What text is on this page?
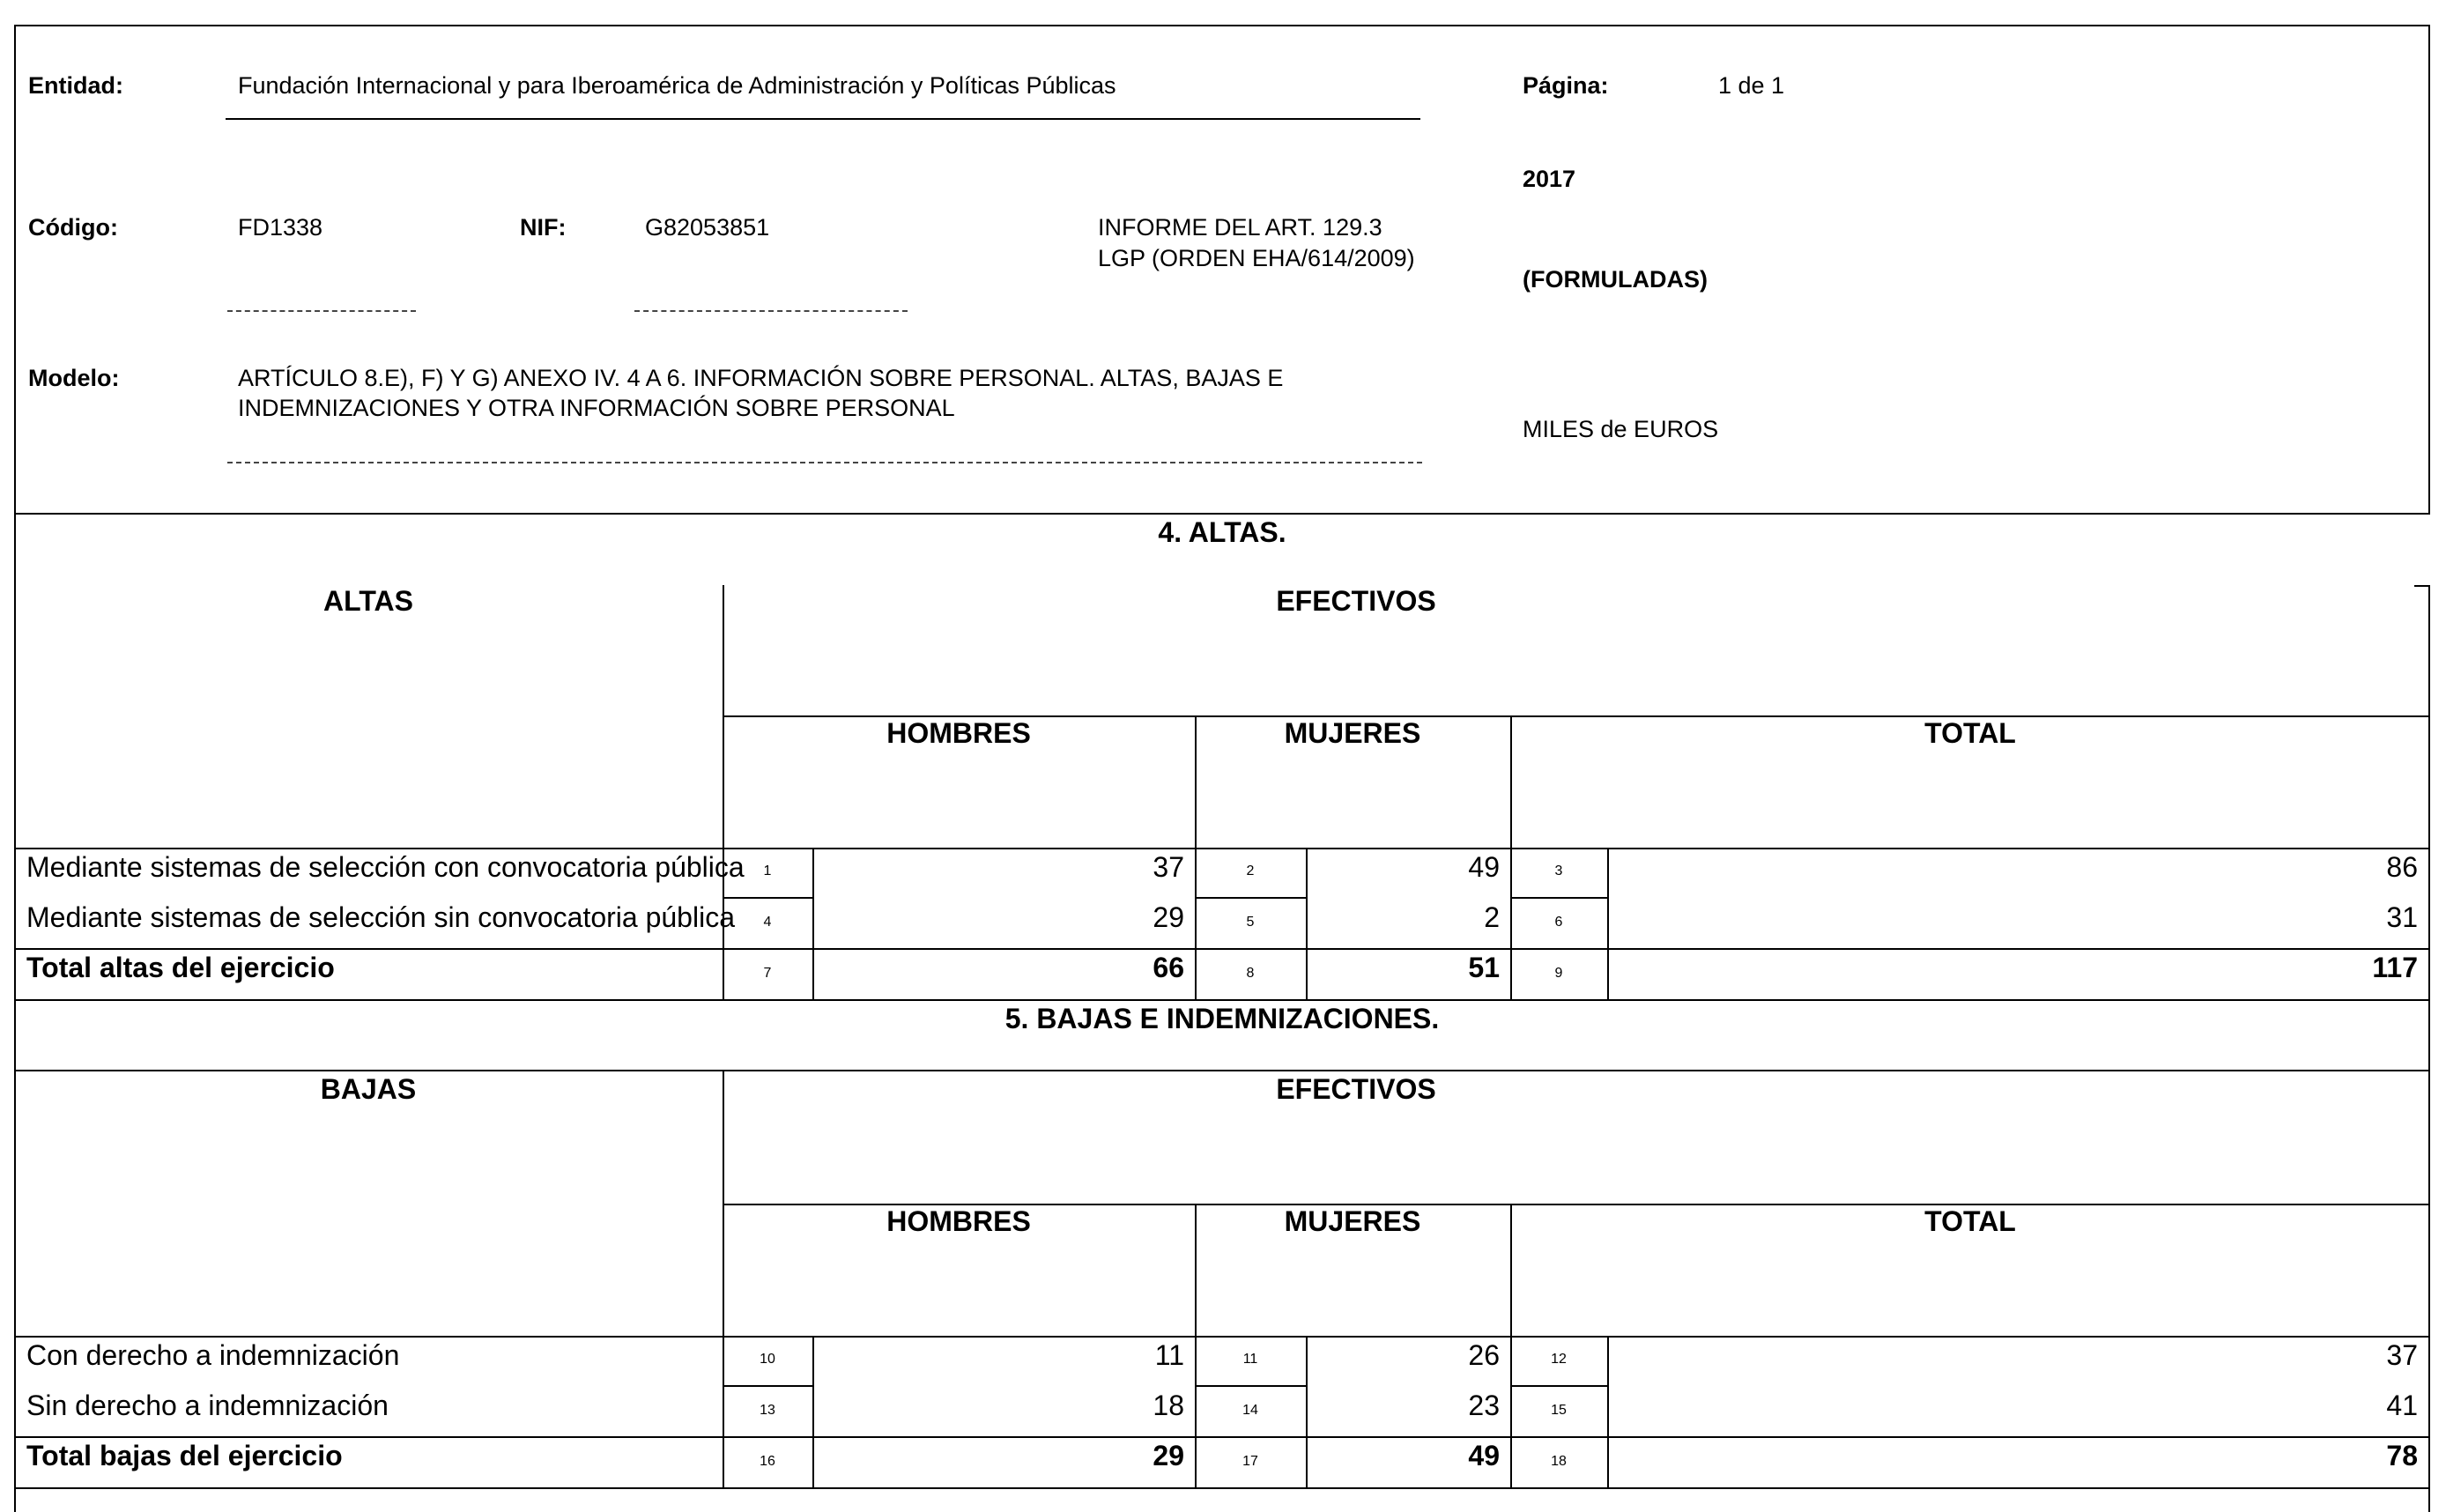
Entidad:	Fundación Internacional y para Iberoamérica de Administración y Políticas Públicas	Página:	1 de 1
2017
Código:	FD1338	NIF:	G82053851	INFORME DEL ART. 129.3
LGP (ORDEN EHA/614/2009)
(FORMULADAS)
Modelo:	ARTÍCULO 8.E), F) Y G) ANEXO IV. 4 A 6. INFORMACIÓN SOBRE PERSONAL. ALTAS, BAJAS E
INDEMNIZACIONES Y OTRA INFORMACIÓN SOBRE PERSONAL
MILES de EUROS
4. ALTAS.
ALTAS	EFECTIVOS
HOMBRES	MUJERES	TOTAL
Mediante sistemas de selección con convocatoria pública	1	37	2	49	3	86
Mediante sistemas de selección sin convocatoria pública	4	29	5	2	6	31
Total altas del ejercicio	7	66	8	51	9	117
5. BAJAS E INDEMNIZACIONES.
BAJAS	EFECTIVOS
HOMBRES	MUJERES	TOTAL
Con derecho a indemnización	10	11	11	26	12	37
Sin derecho a indemnización	13	18	14	23	15	41
Total bajas del ejercicio	16	29	17	49	18	78
